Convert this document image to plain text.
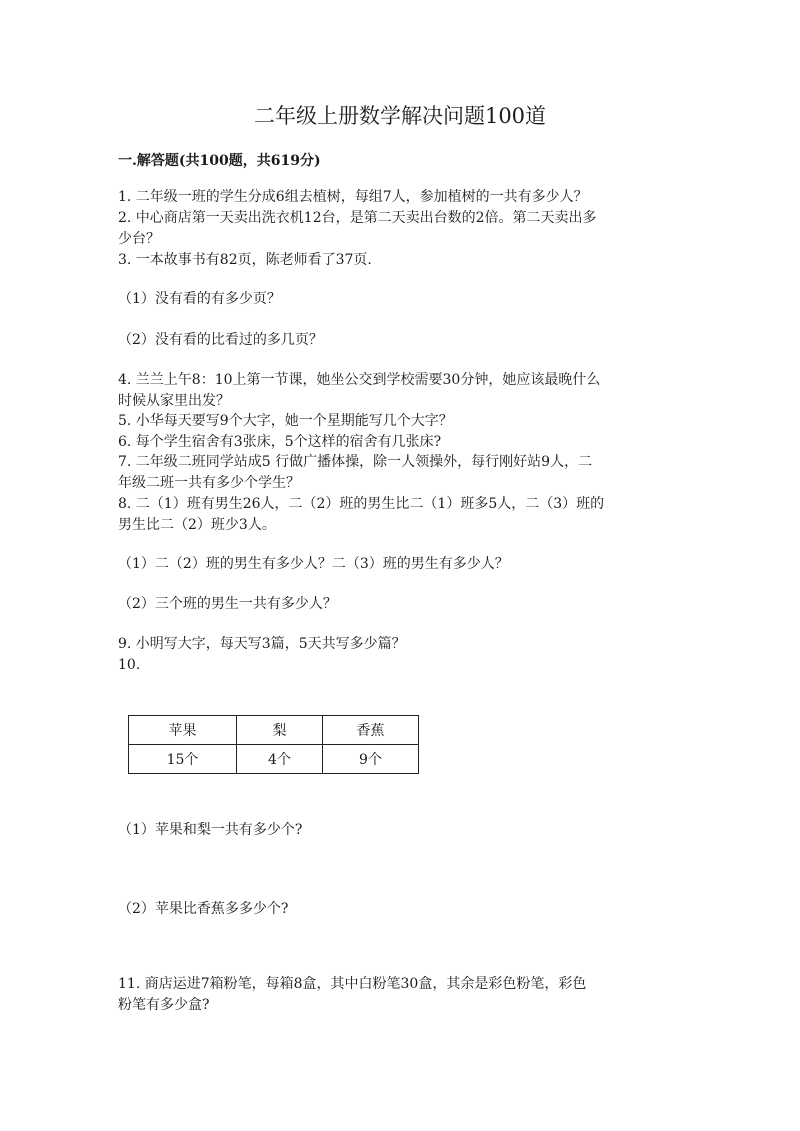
二年级上册数学解决问题100道
一.解答题(共100题，共619分)
1. 二年级一班的学生分成6组去植树，每组7人，参加植树的一共有多少人？
2. 中心商店第一天卖出洗衣机12台，是第二天卖出台数的2倍。第二天卖出多
少台？
3. 一本故事书有82页，陈老师看了37页.
（1）没有看的有多少页？
（2）没有看的比看过的多几页？
4. 兰兰上午8：10上第一节课，她坐公交到学校需要30分钟，她应该最晚什么
时候从家里出发？
5. 小华每天要写9个大字，她一个星期能写几个大字？
6. 每个学生宿舍有3张床，5个这样的宿舍有几张床?
7. 二年级二班同学站成5 行做广播体操，除一人领操外，每行刚好站9人，二
年级二班一共有多少个学生？
8. 二（1）班有男生26人，二（2）班的男生比二（1）班多5人，二（3）班的
男生比二（2）班少3人。
（1）二（2）班的男生有多少人？二（3）班的男生有多少人？
（2）三个班的男生一共有多少人？
9. 小明写大字，每天写3篇，5天共写多少篇？
10.
苹果	梨	香蕉
15个	4个	9个
（1）苹果和梨一共有多少个?
（2）苹果比香蕉多多少个?
11. 商店运进7箱粉笔，每箱8盒，其中白粉笔30盒，其余是彩色粉笔，彩色
粉笔有多少盒?
